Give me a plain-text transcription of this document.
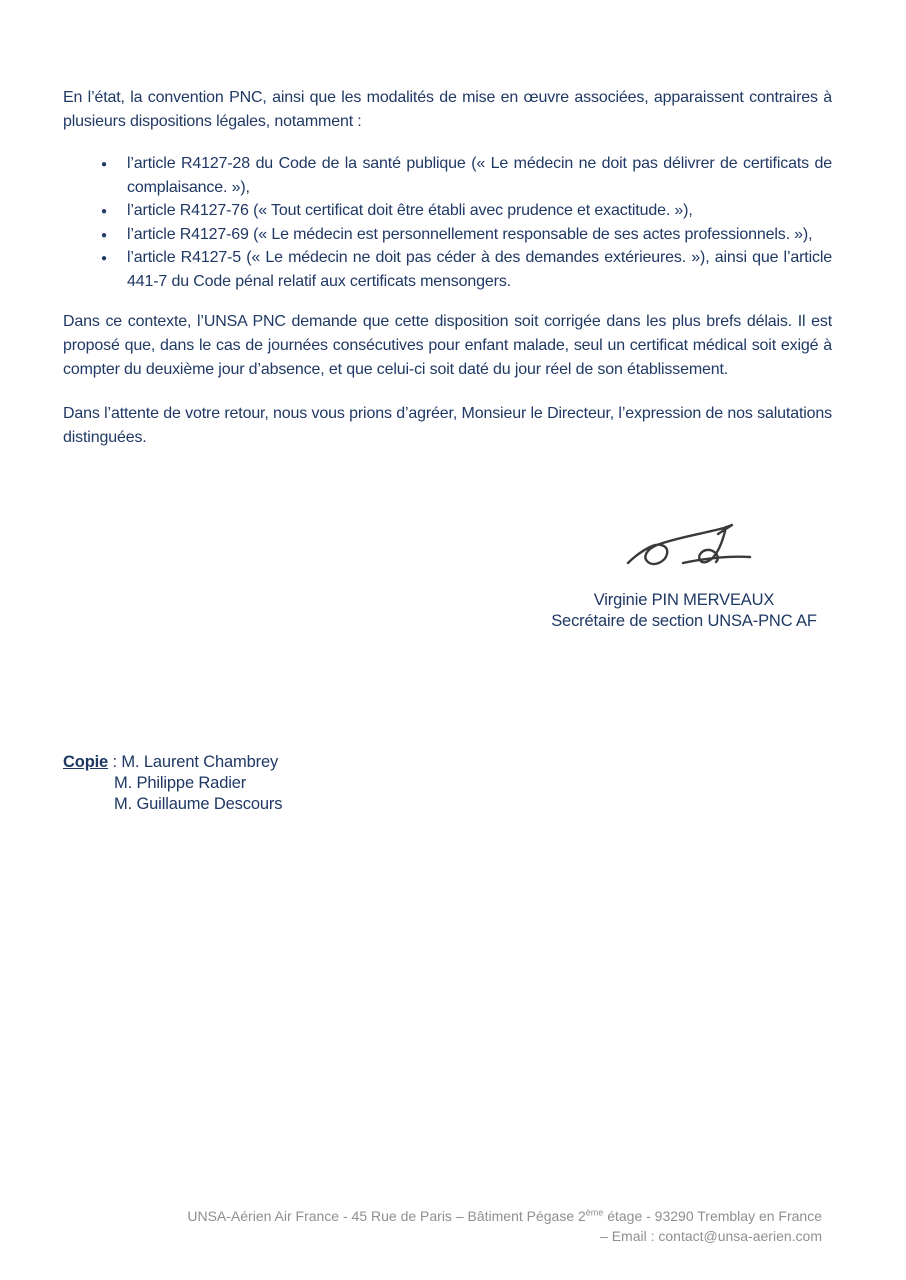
En l’état, la convention PNC, ainsi que les modalités de mise en œuvre associées, apparaissent contraires à plusieurs dispositions légales, notamment :

● l’article R4127-28 du Code de la santé publique (« Le médecin ne doit pas délivrer de certificats de complaisance. »),
● l’article R4127-76 (« Tout certificat doit être établi avec prudence et exactitude. »),
● l’article R4127-69 (« Le médecin est personnellement responsable de ses actes professionnels. »),
● l’article R4127-5 (« Le médecin ne doit pas céder à des demandes extérieures. »), ainsi que l’article 441-7 du Code pénal relatif aux certificats mensongers.

Dans ce contexte, l’UNSA PNC demande que cette disposition soit corrigée dans les plus brefs délais. Il est proposé que, dans le cas de journées consécutives pour enfant malade, seul un certificat médical soit exigé à compter du deuxième jour d’absence, et que celui-ci soit daté du jour réel de son établissement.

Dans l’attente de votre retour, nous vous prions d’agréer, Monsieur le Directeur, l’expression de nos salutations distinguées.

Virginie PIN MERVEAUX
Secrétaire de section UNSA-PNC AF
Copie : M. Laurent Chambrey
M. Philippe Radier
M. Guillaume Descours
UNSA-Aérien Air France - 45 Rue de Paris – Bâtiment Pégase 2ème étage - 93290 Tremblay en France
– Email : contact@unsa-aerien.com
